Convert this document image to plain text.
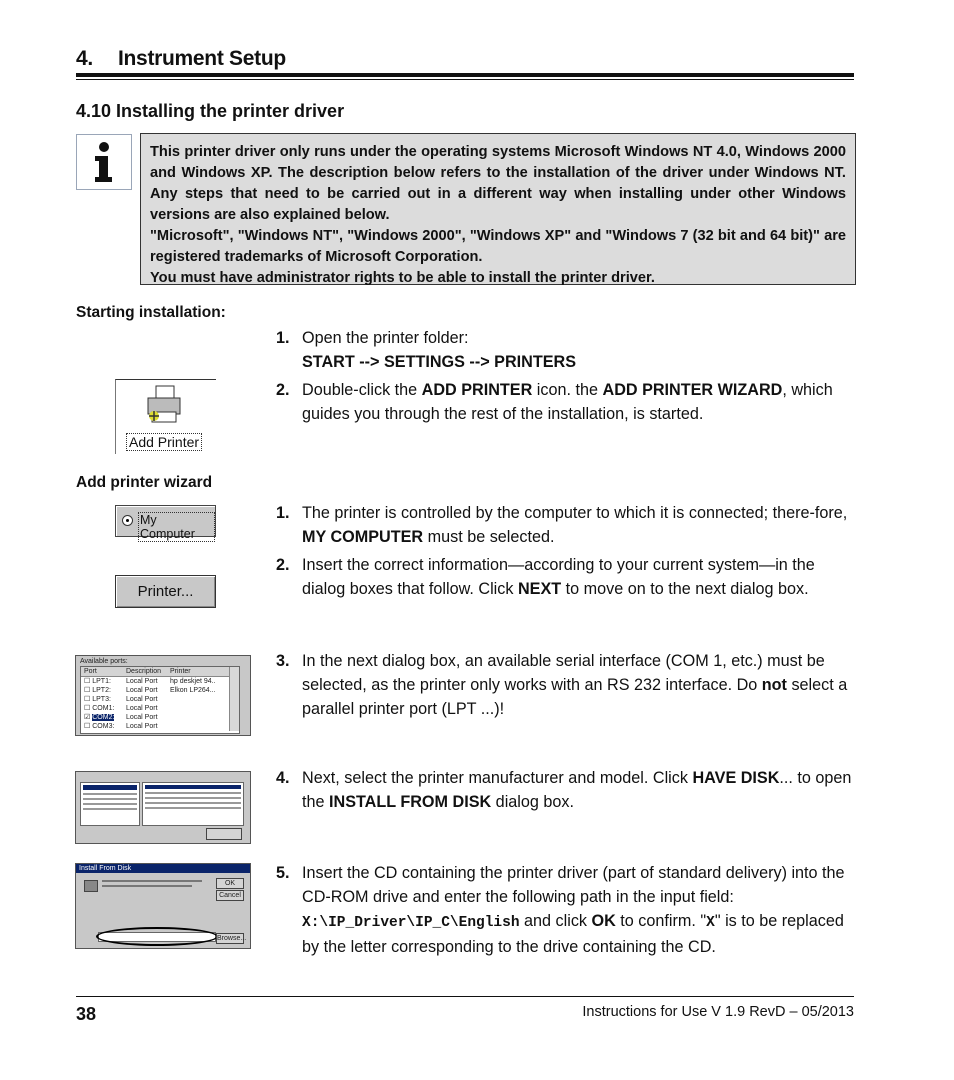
4. Instrument Setup
4.10 Installing the printer driver

This printer driver only runs under the operating systems Microsoft Windows NT 4.0, Windows 2000 and Windows XP. The description below refers to the installation of the driver under Windows NT. Any steps that need to be carried out in a different way when installing under other Windows versions are also explained below.

"Microsoft", "Windows NT", "Windows 2000", "Windows XP" and "Windows 7 (32 bit and 64 bit)" are registered trademarks of Microsoft Corporation.

You must have administrator rights to be able to install the printer driver.

Starting installation:
1. Open the printer folder:
START --> SETTINGS --> PRINTERS
Add Printer
2. Double-click the ADD PRINTER icon. the ADD PRINTER WIZARD, which guides you through the rest of the installation, is started.
Add printer wizard
My Computer
1. The printer is controlled by the computer to which it is connected; there-fore, MY COMPUTER must be selected.
Printer...
2. Insert the correct information—according to your current system—in the dialog boxes that follow. Click NEXT to move on to the next dialog box.
Available ports:
Port	Description	Printer
☐ LPT1:	Local Port	hp deskjet 94..
☐ LPT2:	Local Port	Elkon LP264...
☐ LPT3:	Local Port
☐ COM1:	Local Port
☑ COM2:	Local Port
☐ COM3:	Local Port
3. In the next dialog box, an available serial interface (COM 1, etc.) must be selected, as the printer only works with an RS 232 interface. Do not select a parallel printer port (LPT ...)!
4. Next, select the printer manufacturer and model. Click HAVE DISK... to open the INSTALL FROM DISK dialog box.
Install From Disk
OK
Cancel
Browse...
5. Insert the CD containing the printer driver (part of standard delivery) into the CD-ROM drive and enter the following path in the input field: X:\IP_Driver\IP_C\English and click OK to confirm. "X" is to be replaced by the letter corresponding to the drive containing the CD.
38	Instructions for Use V 1.9 RevD – 05/2013
